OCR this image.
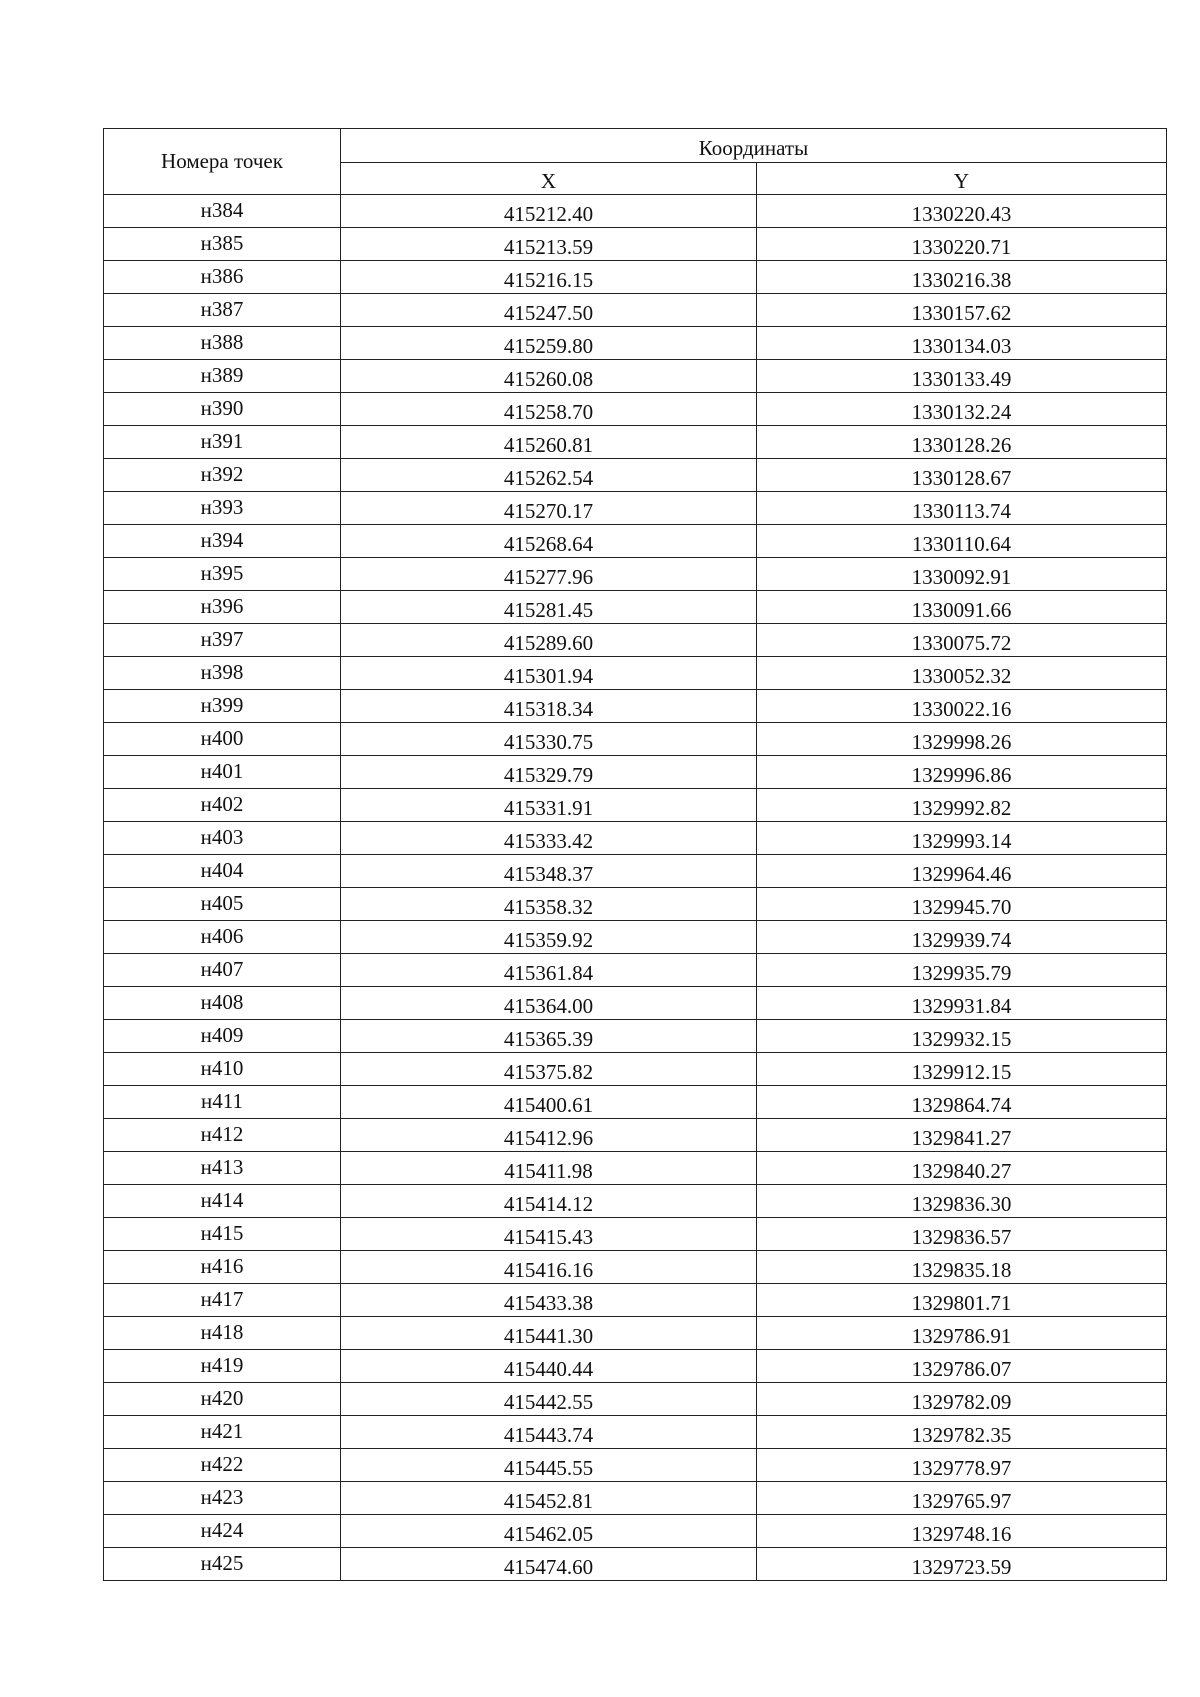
Номера точек	Координаты	
	X	Y
н384	415212.40	1330220.43
н385	415213.59	1330220.71
н386	415216.15	1330216.38
н387	415247.50	1330157.62
н388	415259.80	1330134.03
н389	415260.08	1330133.49
н390	415258.70	1330132.24
н391	415260.81	1330128.26
н392	415262.54	1330128.67
н393	415270.17	1330113.74
н394	415268.64	1330110.64
н395	415277.96	1330092.91
н396	415281.45	1330091.66
н397	415289.60	1330075.72
н398	415301.94	1330052.32
н399	415318.34	1330022.16
н400	415330.75	1329998.26
н401	415329.79	1329996.86
н402	415331.91	1329992.82
н403	415333.42	1329993.14
н404	415348.37	1329964.46
н405	415358.32	1329945.70
н406	415359.92	1329939.74
н407	415361.84	1329935.79
н408	415364.00	1329931.84
н409	415365.39	1329932.15
н410	415375.82	1329912.15
н411	415400.61	1329864.74
н412	415412.96	1329841.27
н413	415411.98	1329840.27
н414	415414.12	1329836.30
н415	415415.43	1329836.57
н416	415416.16	1329835.18
н417	415433.38	1329801.71
н418	415441.30	1329786.91
н419	415440.44	1329786.07
н420	415442.55	1329782.09
н421	415443.74	1329782.35
н422	415445.55	1329778.97
н423	415452.81	1329765.97
н424	415462.05	1329748.16
н425	415474.60	1329723.59
